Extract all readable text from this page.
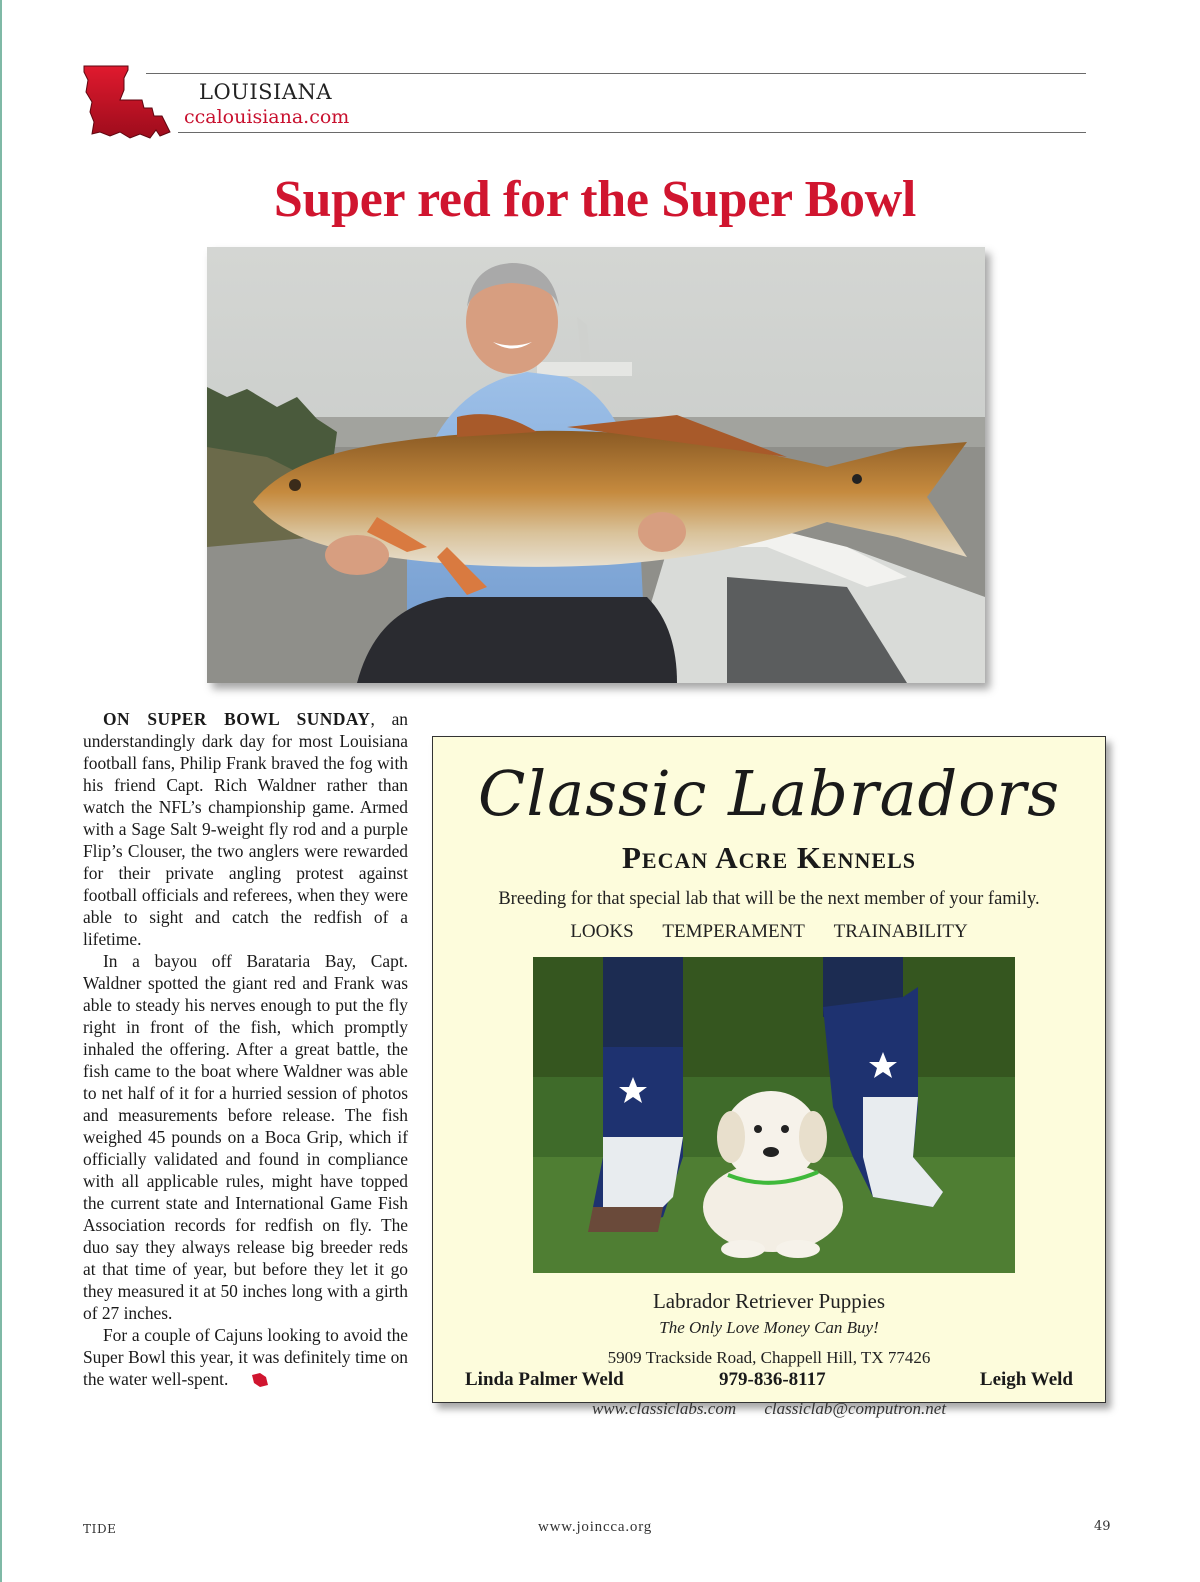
LOUISIANA
ccalouisiana.com
Super red for the Super Bowl

ON SUPER BOWL SUNDAY, an understandingly dark day for most Louisiana football fans, Philip Frank braved the fog with his friend Capt. Rich Waldner rather than watch the NFL’s championship game. Armed with a Sage Salt 9-weight fly rod and a purple Flip’s Clouser, the two anglers were rewarded for their private angling protest against football officials and referees, when they were able to sight and catch the redfish of a lifetime.

In a bayou off Barataria Bay, Capt. Waldner spotted the giant red and Frank was able to steady his nerves enough to put the fly right in front of the fish, which promptly inhaled the offering. After a great battle, the fish came to the boat where Waldner was able to net half of it for a hurried session of photos and measurements before release. The fish weighed 45 pounds on a Boca Grip, which if officially validated and found in compliance with all applicable rules, might have topped the current state and International Game Fish Association records for redfish on fly. The duo say they always release big breeder reds at that time of year, but before they let it go they measured it at 50 inches long with a girth of 27 inches.

For a couple of Cajuns looking to avoid the Super Bowl this year, it was definitely time on the water well-spent.

Classic Labradors
Pecan Acre Kennels
Breeding for that special lab that will be the next member of your family.
LOOKS TEMPERAMENT TRAINABILITY
Labrador Retriever Puppies
The Only Love Money Can Buy!
5909 Trackside Road, Chappell Hill, TX 77426
Linda Palmer Weld	979-836-8117	Leigh Weld
www.classiclabs.com classiclab@computron.net
TIDE	www.joincca.org	49
